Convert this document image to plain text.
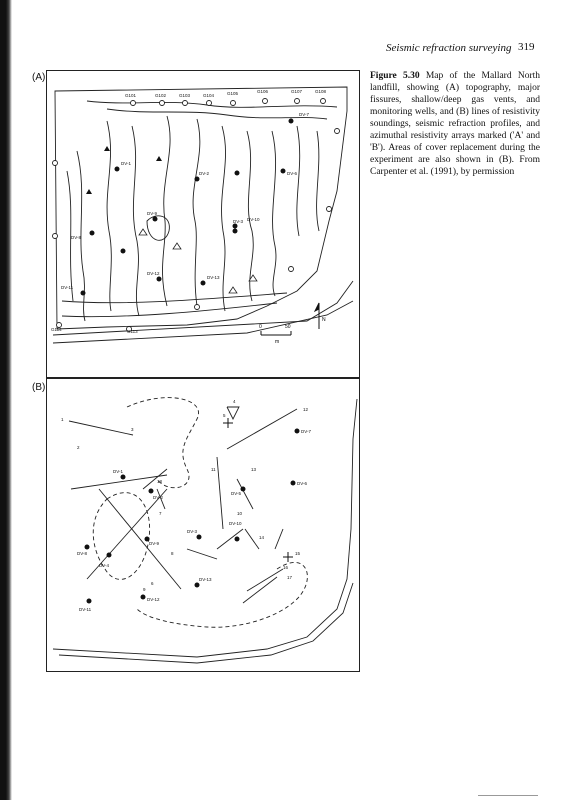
Seismic refraction surveying 319
(A)
(B)
G101	G102	G103	G104	G105	G106	G107	G108
DV-7
DV-1
DV-2
DV-3
DV-6
DV-8
DV-9
DV-10
DV-11
DV-12
DV-13
G113
G114	0	50
m
N
DV-1
DV-2
DV-3
DV-4
DV-5
DV-6
DV-7
DV-8
DV-9
DV-10
DV-11
DV-12
DV-13
1
2
3
4
5
6
7
8
9
10
11
12
13
14
15
16
17
18
Figure 5.30 Map of the Mallard North landfill, showing (A) topography, major fissures, shallow/deep gas vents, and monitoring wells, and (B) lines of resistivity soundings, seismic refraction profiles, and azimuthal resistivity arrays marked ('A' and 'B'). Areas of cover replacement during the experiment are also shown in (B). From Carpenter et al. (1991), by permission
